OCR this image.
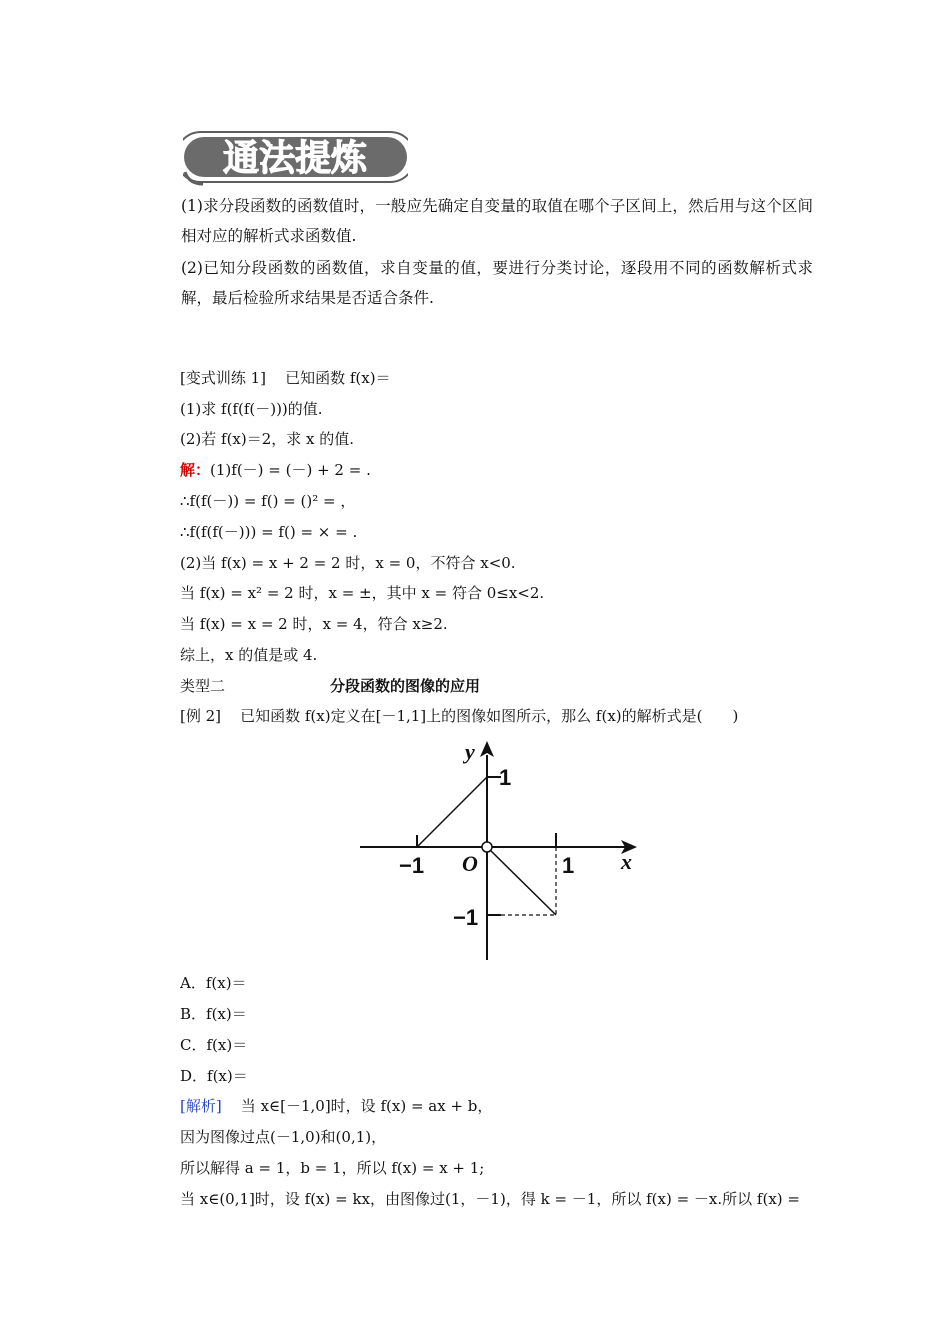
通法提炼
(1)求分段函数的函数值时，一般应先确定自变量的取值在哪个子区间上，然后用与这个区间相对应的解析式求函数值.
(2)已知分段函数的函数值，求自变量的值，要进行分类讨论，逐段用不同的函数解析式求解，最后检验所求结果是否适合条件.
[变式训练 1] 已知函数 f(x)＝
(1)求 f(f(f(－)))的值.
(2)若 f(x)＝2，求 x 的值.
解：(1)f(－) = (－) + 2 = .
∴f(f(－)) = f() = ()² = ，
∴f(f(f(－))) = f() = × = .
(2)当 f(x) = x + 2 = 2 时，x = 0，不符合 x<0.
当 f(x) = x² = 2 时，x = ±，其中 x = 符合 0≤x<2.
当 f(x) = x = 2 时，x = 4，符合 x≥2.
综上，x 的值是或 4.
类型二	分段函数的图像的应用
[例 2] 已知函数 f(x)定义在[－1,1]上的图像如图所示，那么 f(x)的解析式是(　　)
y
x
O
1
−1	1
−1
A．f(x)＝
B．f(x)＝
C．f(x)＝
D．f(x)＝
[解析] 当 x∈[－1,0]时，设 f(x) = ax + b，
因为图像过点(－1,0)和(0,1)，
所以解得 a = 1，b = 1，所以 f(x) = x + 1;
当 x∈(0,1]时，设 f(x) = kx，由图像过(1，－1)，得 k = －1，所以 f(x) = －x.所以 f(x) =
